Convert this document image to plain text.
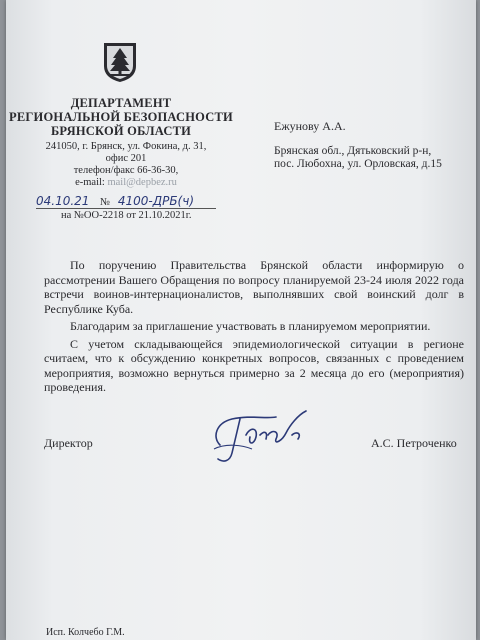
ДЕПАРТАМЕНТ
РЕГИОНАЛЬНОЙ БЕЗОПАСНОСТИ
БРЯНСКОЙ ОБЛАСТИ
241050, г. Брянск, ул. Фокина, д. 31,
офис 201
телефон/факс 66-36-30,
e-mail: mail@depbez.ru
04.10.21 № 4100-ДРБ(ч)
на №ОО-2218 от 21.10.2021г.
Ежунову А.А.
Брянская обл., Дятьковский р-н,
пос. Любохна, ул. Орловская, д.15

По поручению Правительства Брянской области информирую о рассмотрении Вашего Обращения по вопросу планируемой 23-24 июля 2022 года встречи воинов-интернационалистов, выполнявших свой воинский долг в Республике Куба.

Благодарим за приглашение участвовать в планируемом мероприятии.

С учетом складывающейся эпидемиологической ситуации в регионе считаем, что к обсуждению конкретных вопросов, связанных с проведением мероприятия, возможно вернуться примерно за 2 месяца до его (мероприятия) проведения.

Директор	А.С. Петроченко
Исп. Колчебо Г.М.
